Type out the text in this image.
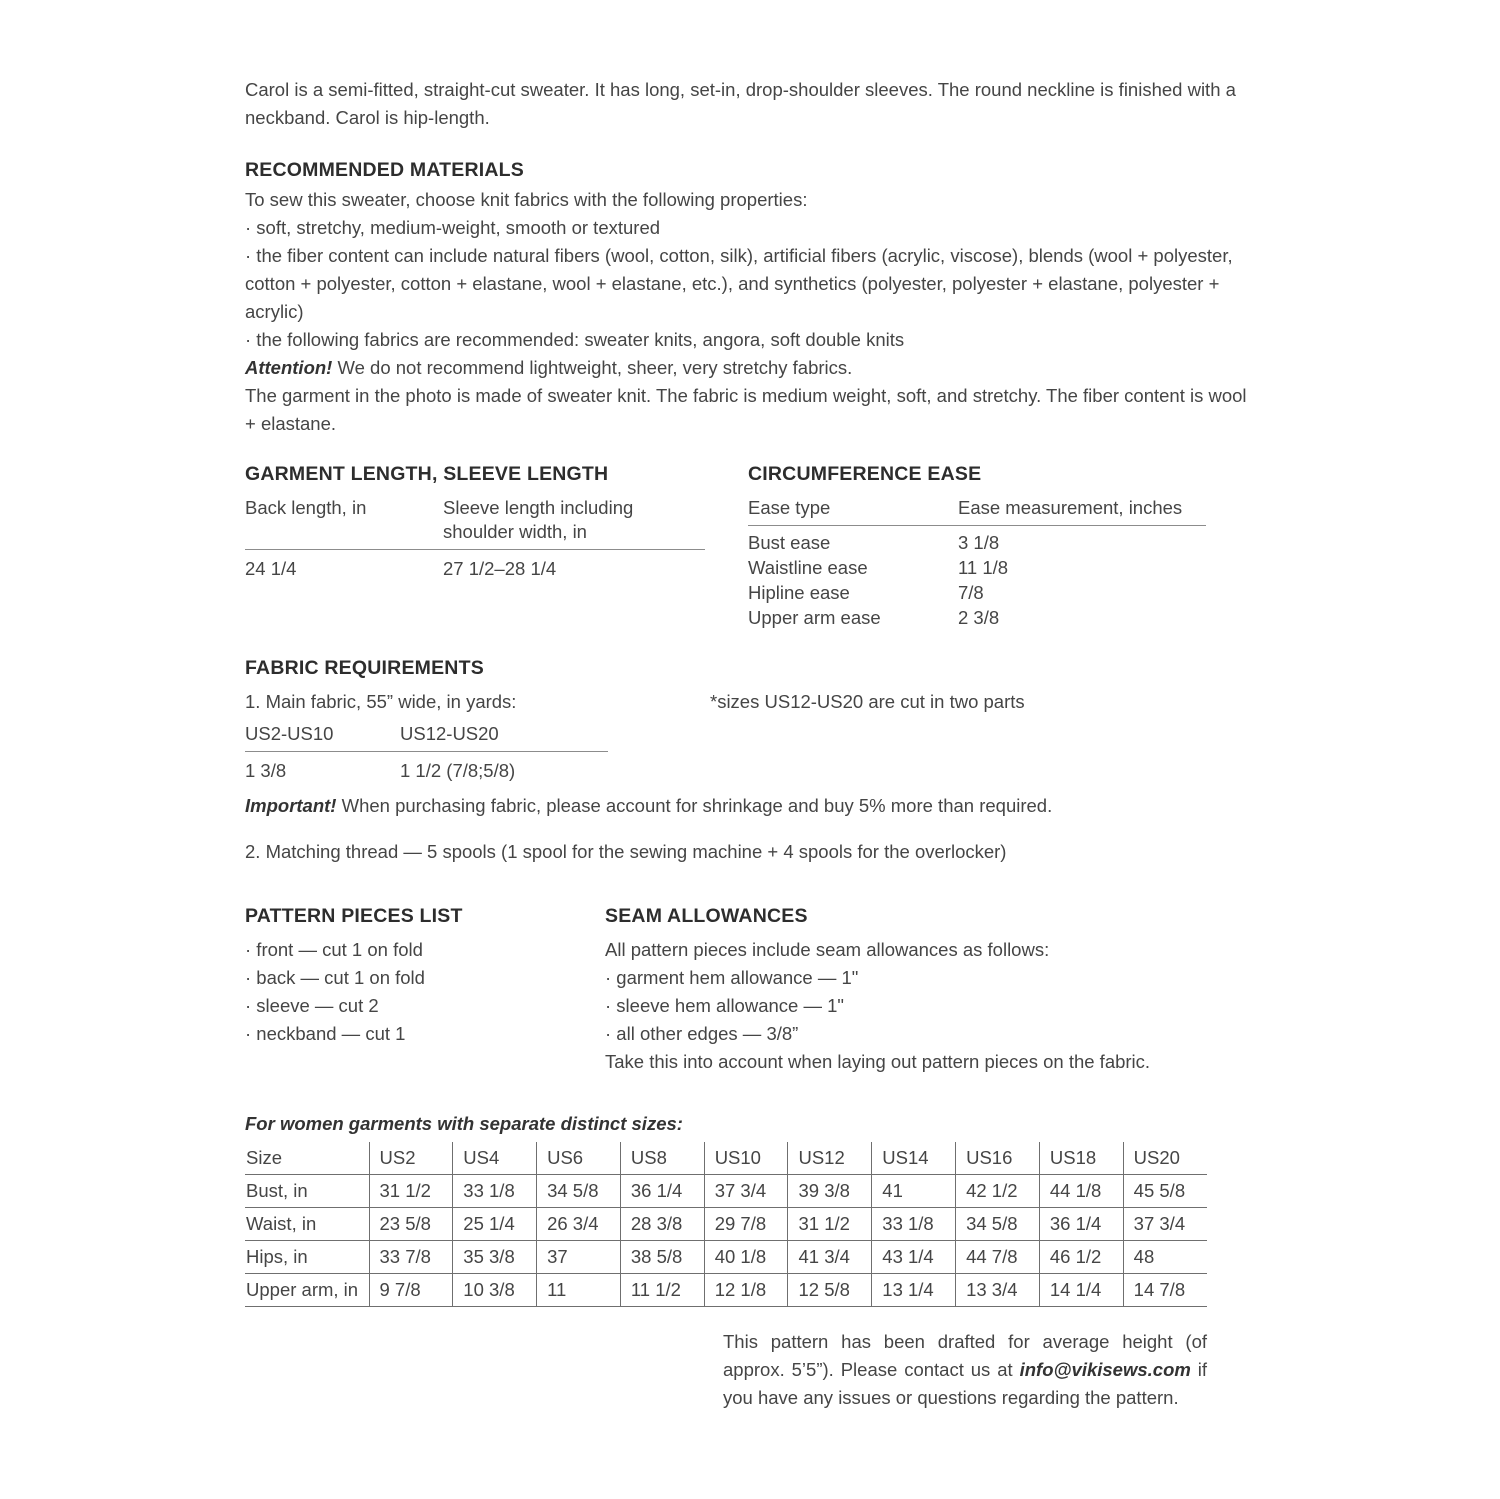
Carol is a semi-fitted, straight-cut sweater. It has long, set-in, drop-shoulder sleeves. The round neckline is finished with a neckband. Carol is hip-length.
RECOMMENDED MATERIALS
To sew this sweater, choose knit fabrics with the following properties:
· soft, stretchy, medium-weight, smooth or textured
· the fiber content can include natural fibers (wool, cotton, silk), artificial fibers (acrylic, viscose), blends (wool + polyester, cotton + polyester, cotton + elastane, wool + elastane, etc.), and synthetics (polyester, polyester + elastane, polyester + acrylic)
· the following fabrics are recommended: sweater knits, angora, soft double knits
Attention! We do not recommend lightweight, sheer, very stretchy fabrics.
The garment in the photo is made of sweater knit. The fabric is medium weight, soft, and stretchy. The fiber content is wool + elastane.
GARMENT LENGTH, SLEEVE LENGTH
Back length, in	Sleeve length including shoulder width, in
24 1/4	27 1/2–28 1/4
CIRCUMFERENCE EASE
Ease type	Ease measurement, inches
Bust ease	3 1/8
Waistline ease	11 1/8
Hipline ease	7/8
Upper arm ease	2 3/8
FABRIC REQUIREMENTS
1. Main fabric, 55” wide, in yards:	*sizes US12-US20 are cut in two parts
US2-US10	US12-US20
1 3/8	1 1/2 (7/8;5/8)
Important! When purchasing fabric, please account for shrinkage and buy 5% more than required.
2. Matching thread — 5 spools (1 spool for the sewing machine + 4 spools for the overlocker)
PATTERN PIECES LIST
· front — cut 1 on fold
· back — cut 1 on fold
· sleeve — cut 2
· neckband — cut 1
SEAM ALLOWANCES
All pattern pieces include seam allowances as follows:
· garment hem allowance — 1"
· sleeve hem allowance — 1"
· all other edges — 3/8”
Take this into account when laying out pattern pieces on the fabric.
For women garments with separate distinct sizes:
Size	US2	US4	US6	US8	US10	US12	US14	US16	US18	US20
Bust, in	31 1/2	33 1/8	34 5/8	36 1/4	37 3/4	39 3/8	41	42 1/2	44 1/8	45 5/8
Waist, in	23 5/8	25 1/4	26 3/4	28 3/8	29 7/8	31 1/2	33 1/8	34 5/8	36 1/4	37 3/4
Hips, in	33 7/8	35 3/8	37	38 5/8	40 1/8	41 3/4	43 1/4	44 7/8	46 1/2	48
Upper arm, in	9 7/8	10 3/8	11	11 1/2	12 1/8	12 5/8	13 1/4	13 3/4	14 1/4	14 7/8
This pattern has been drafted for average height (of approx. 5’5”). Please contact us at info@vikisews.com if you have any issues or questions regarding the pattern.
